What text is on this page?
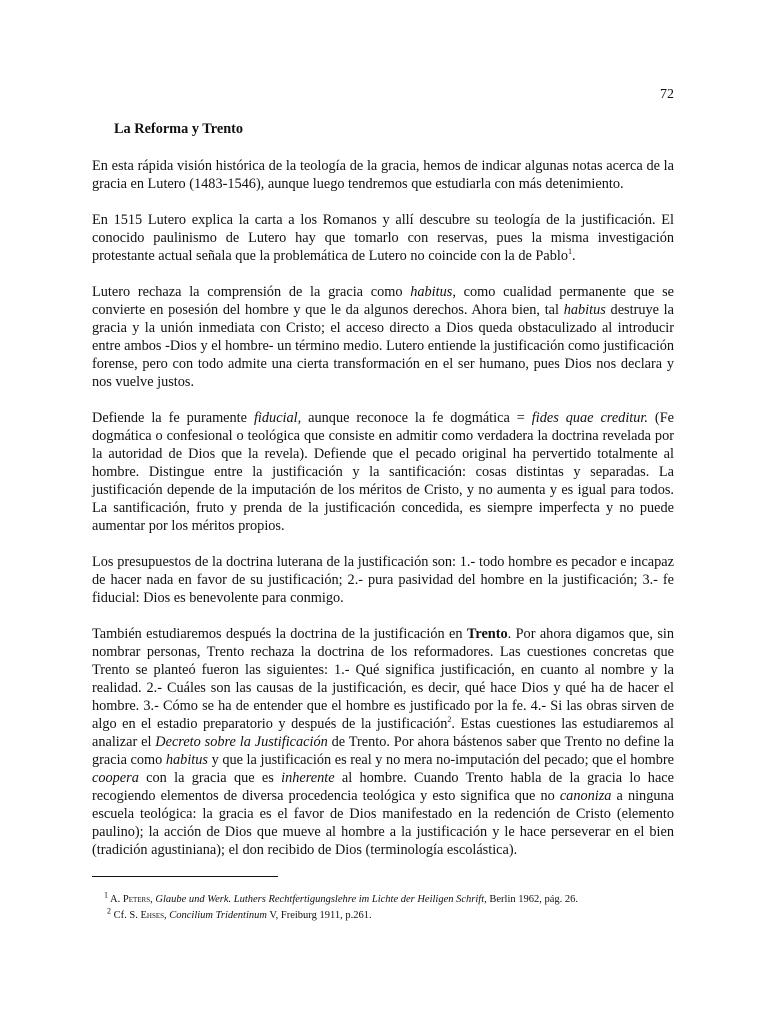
72
La Reforma y Trento

En esta rápida visión histórica de la teología de la gracia, hemos de indicar algunas notas acerca de la gracia en Lutero (1483-1546), aunque luego tendremos que estudiarla con más detenimiento.

En 1515 Lutero explica la carta a los Romanos y allí descubre su teología de la justificación. El conocido paulinismo de Lutero hay que tomarlo con reservas, pues la misma investigación protestante actual señala que la problemática de Lutero no coincide con la de Pablo$^1$.

Lutero rechaza la comprensión de la gracia como habitus, como cualidad permanente que se convierte en posesión del hombre y que le da algunos derechos. Ahora bien, tal habitus destruye la gracia y la unión inmediata con Cristo; el acceso directo a Dios queda obstaculizado al introducir entre ambos -Dios y el hombre- un término medio. Lutero entiende la justificación como justificación forense, pero con todo admite una cierta transformación en el ser humano, pues Dios nos declara y nos vuelve justos.

Defiende la fe puramente fiducial, aunque reconoce la fe dogmática = fides quae creditur. (Fe dogmática o confesional o teológica que consiste en admitir como verdadera la doctrina revelada por la autoridad de Dios que la revela). Defiende que el pecado original ha pervertido totalmente al hombre. Distingue entre la justificación y la santificación: cosas distintas y separadas. La justificación depende de la imputación de los méritos de Cristo, y no aumenta y es igual para todos. La santificación, fruto y prenda de la justificación concedida, es siempre imperfecta y no puede aumentar por los méritos propios.

Los presupuestos de la doctrina luterana de la justificación son: 1.- todo hombre es pecador e incapaz de hacer nada en favor de su justificación; 2.- pura pasividad del hombre en la justificación; 3.- fe fiducial: Dios es benevolente para conmigo.

También estudiaremos después la doctrina de la justificación en Trento. Por ahora digamos que, sin nombrar personas, Trento rechaza la doctrina de los reformadores. Las cuestiones concretas que Trento se planteó fueron las siguientes: 1.- Qué significa justificación, en cuanto al nombre y la realidad. 2.- Cuáles son las causas de la justificación, es decir, qué hace Dios y qué ha de hacer el hombre. 3.- Cómo se ha de entender que el hombre es justificado por la fe. 4.- Si las obras sirven de algo en el estadio preparatorio y después de la justificación$^2$. Estas cuestiones las estudiaremos al analizar el Decreto sobre la Justificación de Trento. Por ahora bástenos saber que Trento no define la gracia como habitus y que la justificación es real y no mera no-imputación del pecado; que el hombre coopera con la gracia que es inherente al hombre. Cuando Trento habla de la gracia lo hace recogiendo elementos de diversa procedencia teológica y esto significa que no canoniza a ninguna escuela teológica: la gracia es el favor de Dios manifestado en la redención de Cristo (elemento paulino); la acción de Dios que mueve al hombre a la justificación y le hace perseverar en el bien (tradición agustiniana); el don recibido de Dios (terminología escolástica).

$^1$ A. Peters, Glaube und Werk. Luthers Rechtfertigungslehre im Lichte der Heiligen Schrift, Berlin 1962, pág. 26.

$^2$ Cf. S. Ehses, Concilium Tridentinum V, Freiburg 1911, p.261.
